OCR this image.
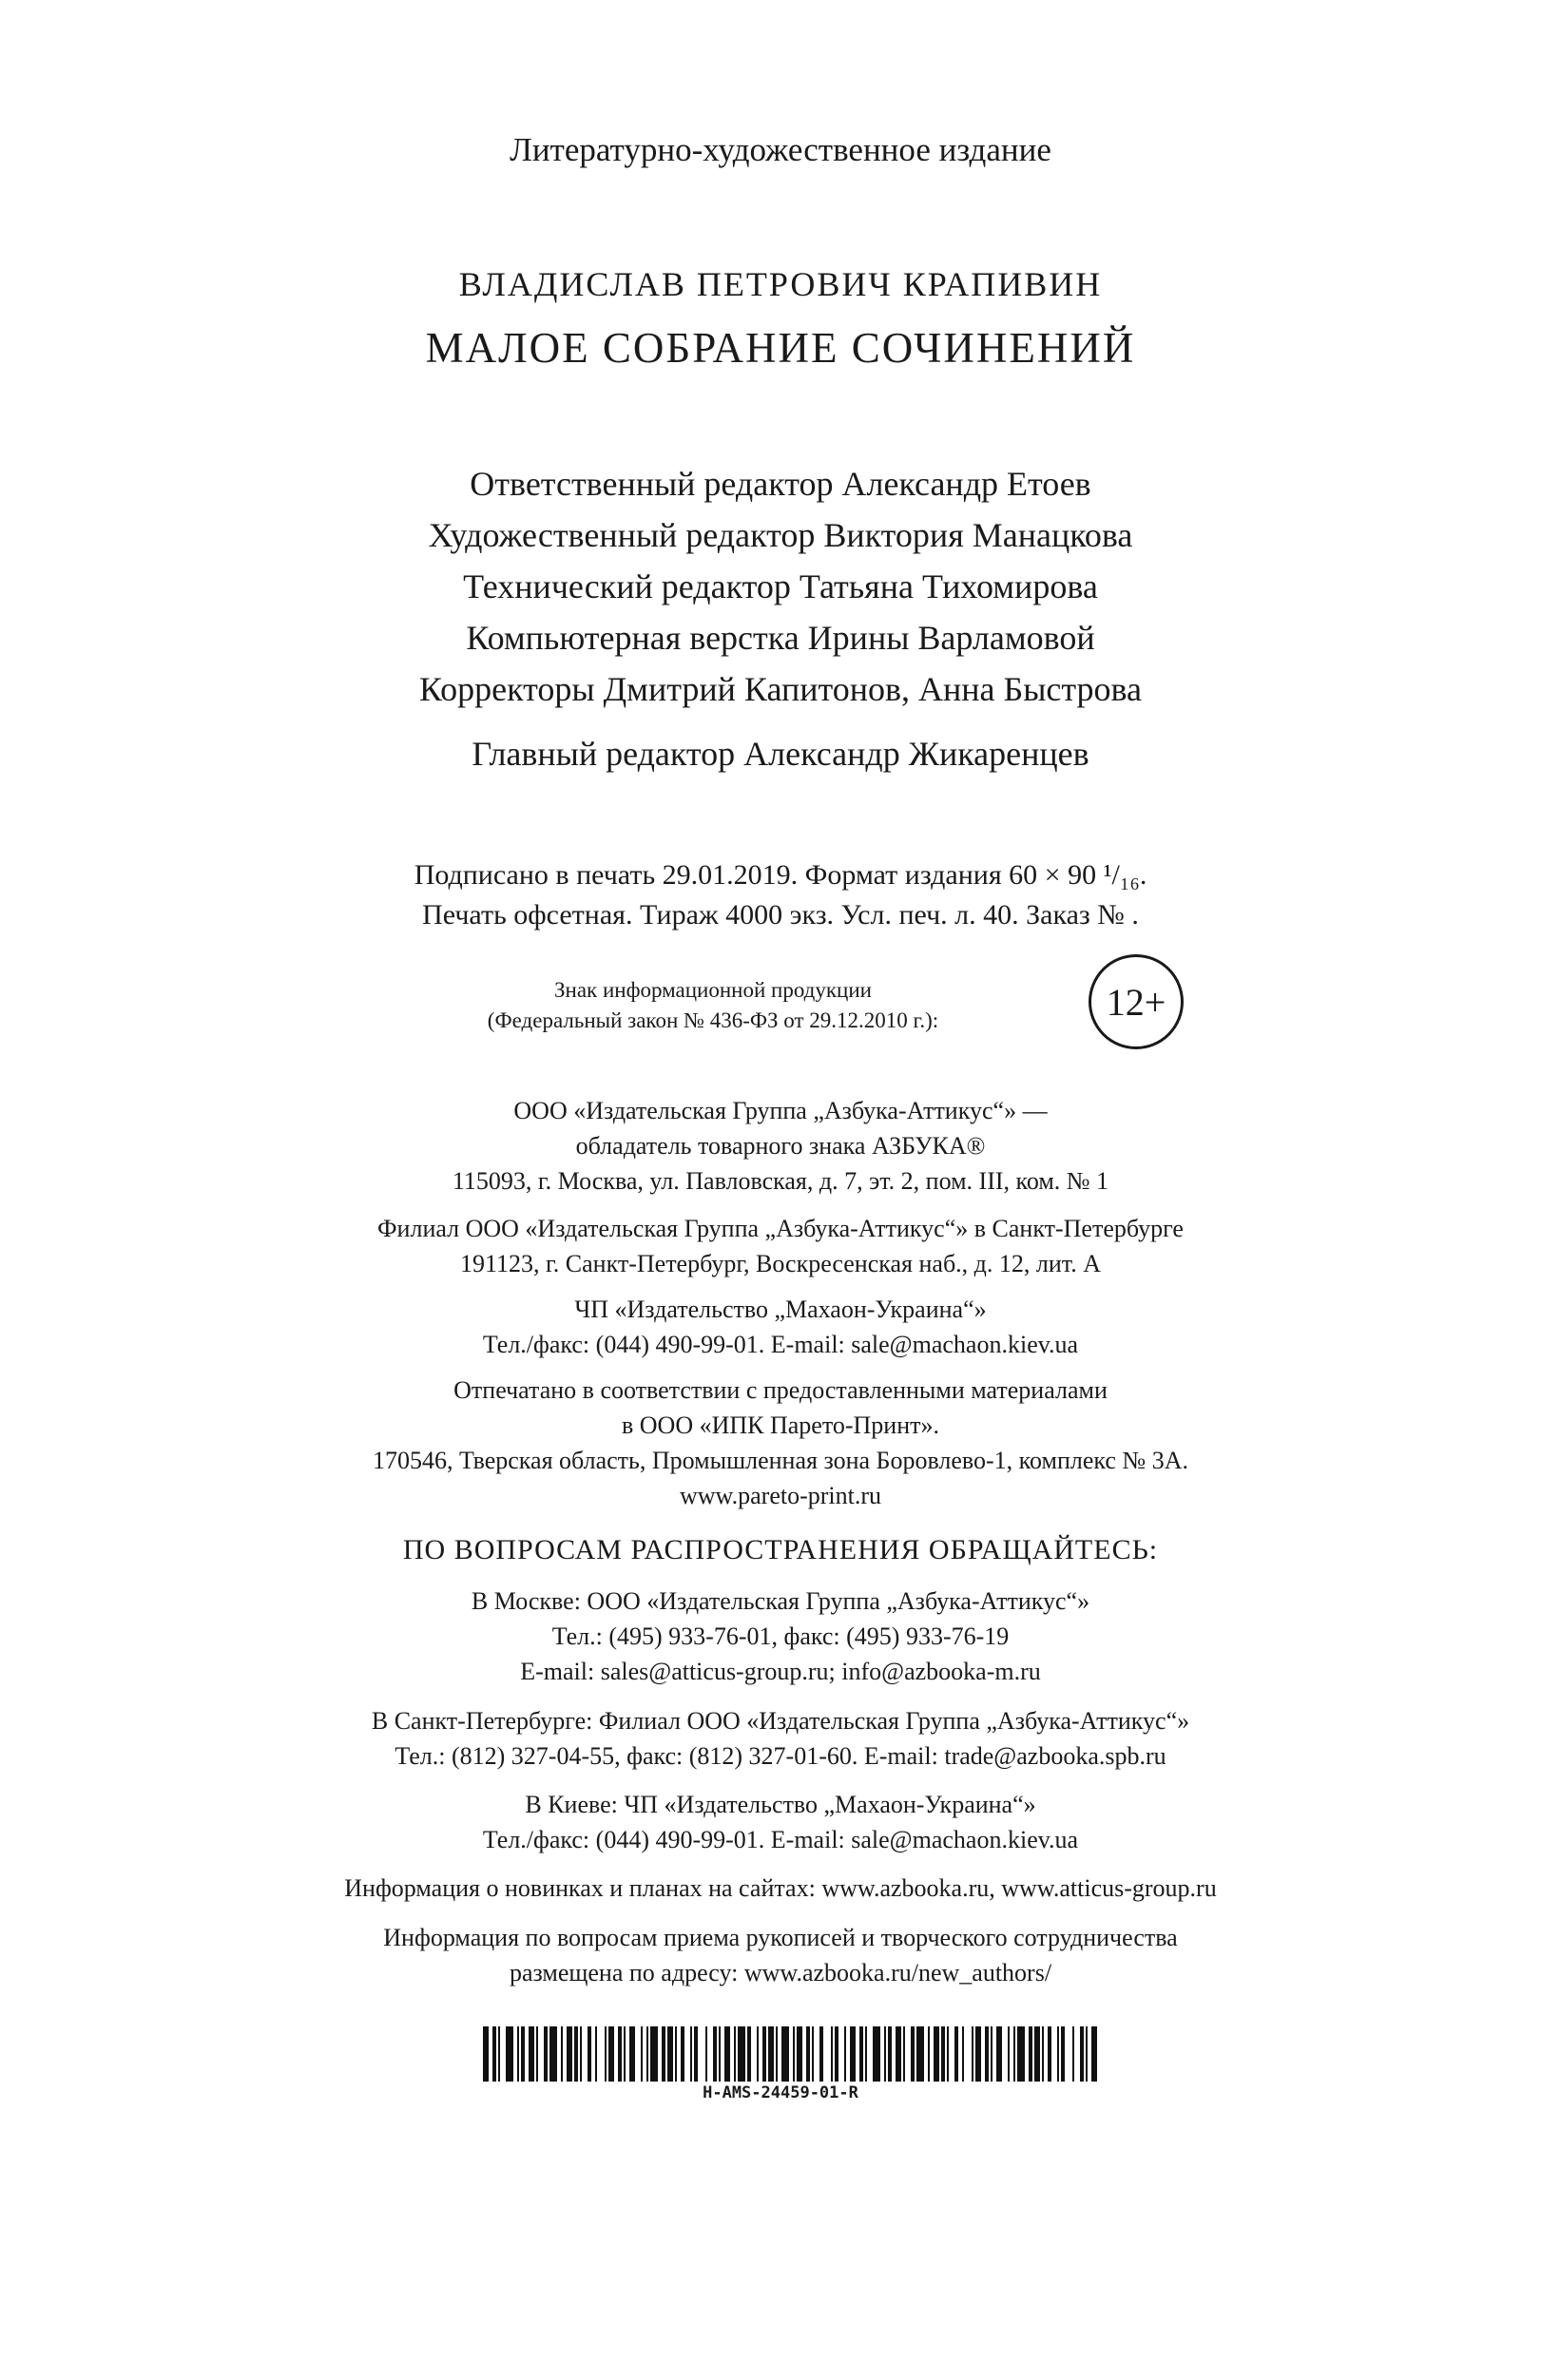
Литературно-художественное издание
ВЛАДИСЛАВ ПЕТРОВИЧ КРАПИВИН
МАЛОЕ СОБРАНИЕ СОЧИНЕНИЙ
Ответственный редактор Александр Етоев
Художественный редактор Виктория Манацкова
Технический редактор Татьяна Тихомирова
Компьютерная верстка Ирины Варламовой
Корректоры Дмитрий Капитонов, Анна Быстрова
Главный редактор Александр Жикаренцев
Подписано в печать 29.01.2019. Формат издания 60 × 90 ¹/₁₆.
Печать офсетная. Тираж 4000 экз. Усл. печ. л. 40. Заказ № .
Знак информационной продукции
(Федеральный закон № 436-ФЗ от 29.12.2010 г.):	12+
ООО «Издательская Группа „Азбука-Аттикус“» —
обладатель товарного знака АЗБУКА®
115093, г. Москва, ул. Павловская, д. 7, эт. 2, пом. III, ком. № 1
Филиал ООО «Издательская Группа „Азбука-Аттикус“» в Санкт-Петербурге
191123, г. Санкт-Петербург, Воскресенская наб., д. 12, лит. А
ЧП «Издательство „Махаон-Украина“»
Тел./факс: (044) 490-99-01. E-mail: sale@machaon.kiev.ua
Отпечатано в соответствии с предоставленными материалами
в ООО «ИПК Парето-Принт».
170546, Тверская область, Промышленная зона Боровлево-1, комплекс № 3А.
www.pareto-print.ru
ПО ВОПРОСАМ РАСПРОСТРАНЕНИЯ ОБРАЩАЙТЕСЬ:
В Москве: ООО «Издательская Группа „Азбука-Аттикус“»
Тел.: (495) 933-76-01, факс: (495) 933-76-19
E-mail: sales@atticus-group.ru; info@azbooka-m.ru
В Санкт-Петербурге: Филиал ООО «Издательская Группа „Азбука-Аттикус“»
Тел.: (812) 327-04-55, факс: (812) 327-01-60. E-mail: trade@azbooka.spb.ru
В Киеве: ЧП «Издательство „Махаон-Украина“»
Тел./факс: (044) 490-99-01. E-mail: sale@machaon.kiev.ua
Информация о новинках и планах на сайтах: www.azbooka.ru, www.atticus-group.ru
Информация по вопросам приема рукописей и творческого сотрудничества
размещена по адресу: www.azbooka.ru/new_authors/
H-AMS-24459-01-R
